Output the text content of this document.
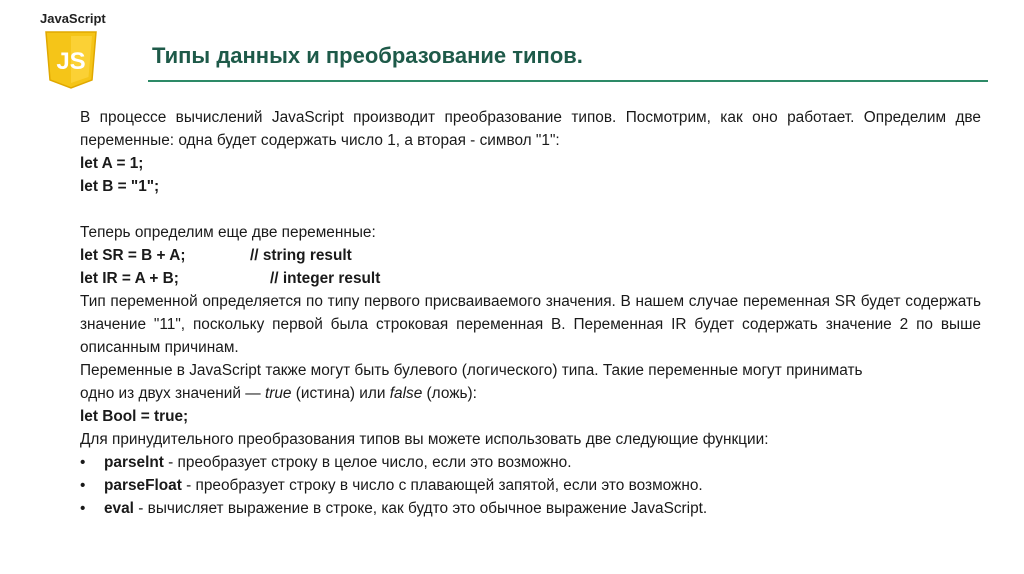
JavaScript
JS	Типы данных и преобразование типов.

В процессе вычислений JavaScript производит преобразование типов. Посмотрим, как оно работает. Определим две переменные: одна будет содержать число 1, а вторая - символ "1":

let A = 1;
let B = "1";

Теперь определим еще две переменные:

let SR = B + A;	// string result
let IR = A + B;	// integer result

Тип переменной определяется по типу первого присваиваемого значения. В нашем случае переменная SR будет содержать значение "11", поскольку первой была строковая переменная B. Переменная IR будет содержать значение 2 по выше описанным причинам.

Переменные в JavaScript также могут быть булевого (логического) типа. Такие переменные могут принимать

одно из двух значений — true (истина) или false (ложь):

let Bool = true;

Для принудительного преобразования типов вы можете использовать две следующие функции:

• parselnt - преобразует строку в целое число, если это возможно.
• parseFloat - преобразует строку в число с плавающей запятой, если это возможно.
• eval - вычисляет выражение в строке, как будто это обычное выражение JavaScript.
